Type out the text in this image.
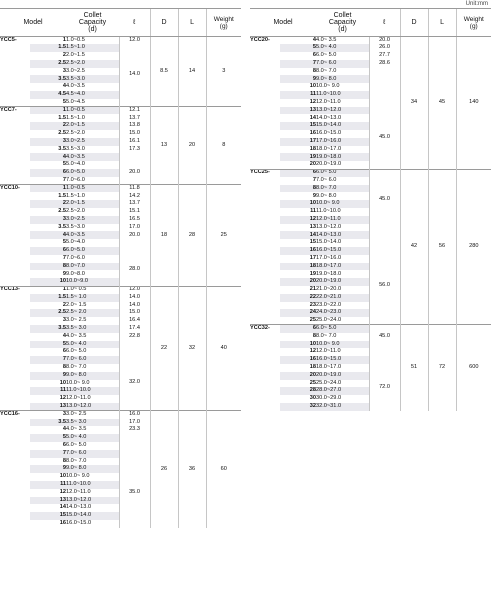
Unit:mm
Model		Collet
Capacity
(d)	ℓ	D	L	Weight
(g)
YCC5-	1	1.0~0.5	12.0	8.5	14	3
	1.5	1.5~1.0	14.0			
	2	2.0~1.5				
	2.5	2.5~2.0				
	3	3.0~2.5				
	3.5	3.5~3.0				
	4	4.0~3.5				
	4.5	4.5~4.0				
	5	5.0~4.5				
YCC7-	1	1.0~0.5	12.1	13	20	8
	1.5	1.5~1.0	13.7			
	2	2.0~1.5	13.8			
	2.5	2.5~2.0	15.0			
	3	3.0~2.5	16.1			
	3.5	3.5~3.0	17.3			
	4	4.0~3.5				
	5	5.0~4.0	20.0			
	6	6.0~5.0				
	7	7.0~6.0				
YCC10-	1	1.0~0.5	11.8	18	28	25
	1.5	1.5~1.0	14.2			
	2	2.0~1.5	13.7			
	2.5	2.5~2.0	15.1			
	3	3.0~2.5	16.5			
	3.5	3.5~3.0	17.0			
	4	4.0~3.5	20.0			
	5	5.0~4.0				
	6	6.0~5.0				
	7	7.0~6.0	28.0			
	8	8.0~7.0				
	9	9.0~8.0				
	10	10.0~9.0				
YCC13-	1	1.0~ 0.5	12.0	22	32	40
	1.5	1.5~ 1.0	14.0			
	2	2.0~ 1.5	14.0			
	2.5	2.5~ 2.0	15.0			
	3	3.0~ 2.5	16.4			
	3.5	3.5~ 3.0	17.4			
	4	4.0~ 3.5	22.8			
	5	5.0~ 4.0				
	6	6.0~ 5.0				
	7	7.0~ 6.0	32.0			
	8	8.0~ 7.0				
	9	9.0~ 8.0				
	10	10.0~ 9.0				
	11	11.0~10.0				
	12	12.0~11.0				
	13	13.0~12.0				
YCC16-	3	3.0~ 2.5	16.0	26	36	60
	3.5	3.5~ 3.0	17.0			
	4	4.0~ 3.5	23.3			
	5	5.0~ 4.0				
	6	6.0~ 5.0				
	7	7.0~ 6.0				
	8	8.0~ 7.0	35.0			
	9	9.0~ 8.0				
	10	10.0~ 9.0				
	11	11.0~10.0				
	12	12.0~11.0				
	13	13.0~12.0				
	14	14.0~13.0				
	15	15.0~14.0				
	16	16.0~15.0				
Model		Collet
Capacity
(d)	ℓ	D	L	Weight
(g)
YCC20-	4	4.0~ 3.5	20.0	34	45	140
	5	5.0~ 4.0	26.0			
	6	6.0~ 5.0	27.7			
	7	7.0~ 6.0	28.6			
	8	8.0~ 7.0				
	9	9.0~ 8.0				
	10	10.0~ 9.0				
	11	11.0~10.0				
	12	12.0~11.0				
	13	13.0~12.0	45.0			
	14	14.0~13.0				
	15	15.0~14.0				
	16	16.0~15.0				
	17	17.0~16.0				
	18	18.0~17.0				
	19	19.0~18.0				
	20	20.0~19.0				
YCC25-	6	6.0~ 5.0		42	56	280
	7	7.0~ 6.0				
	8	8.0~ 7.0	45.0			
	9	9.0~ 8.0				
	10	10.0~ 9.0				
	11	11.0~10.0				
	12	12.0~11.0				
	13	13.0~12.0				
	14	14.0~13.0				
	15	15.0~14.0				
	16	16.0~15.0	56.0			
	17	17.0~16.0				
	18	18.0~17.0				
	19	19.0~18.0				
	20	20.0~19.0				
	21	21.0~20.0				
	22	22.0~21.0				
	23	23.0~22.0				
	24	24.0~23.0				
	25	25.0~24.0				
YCC32-	6	6.0~ 5.0	45.0	51	72	600
	8	8.0~ 7.0				
	10	10.0~ 9.0				
	12	12.0~11.0				
	16	16.0~15.0				
	18	18.0~17.0	72.0			
	20	20.0~19.0				
	25	25.0~24.0				
	28	28.0~27.0				
	30	30.0~29.0				
	32	32.0~31.0				
